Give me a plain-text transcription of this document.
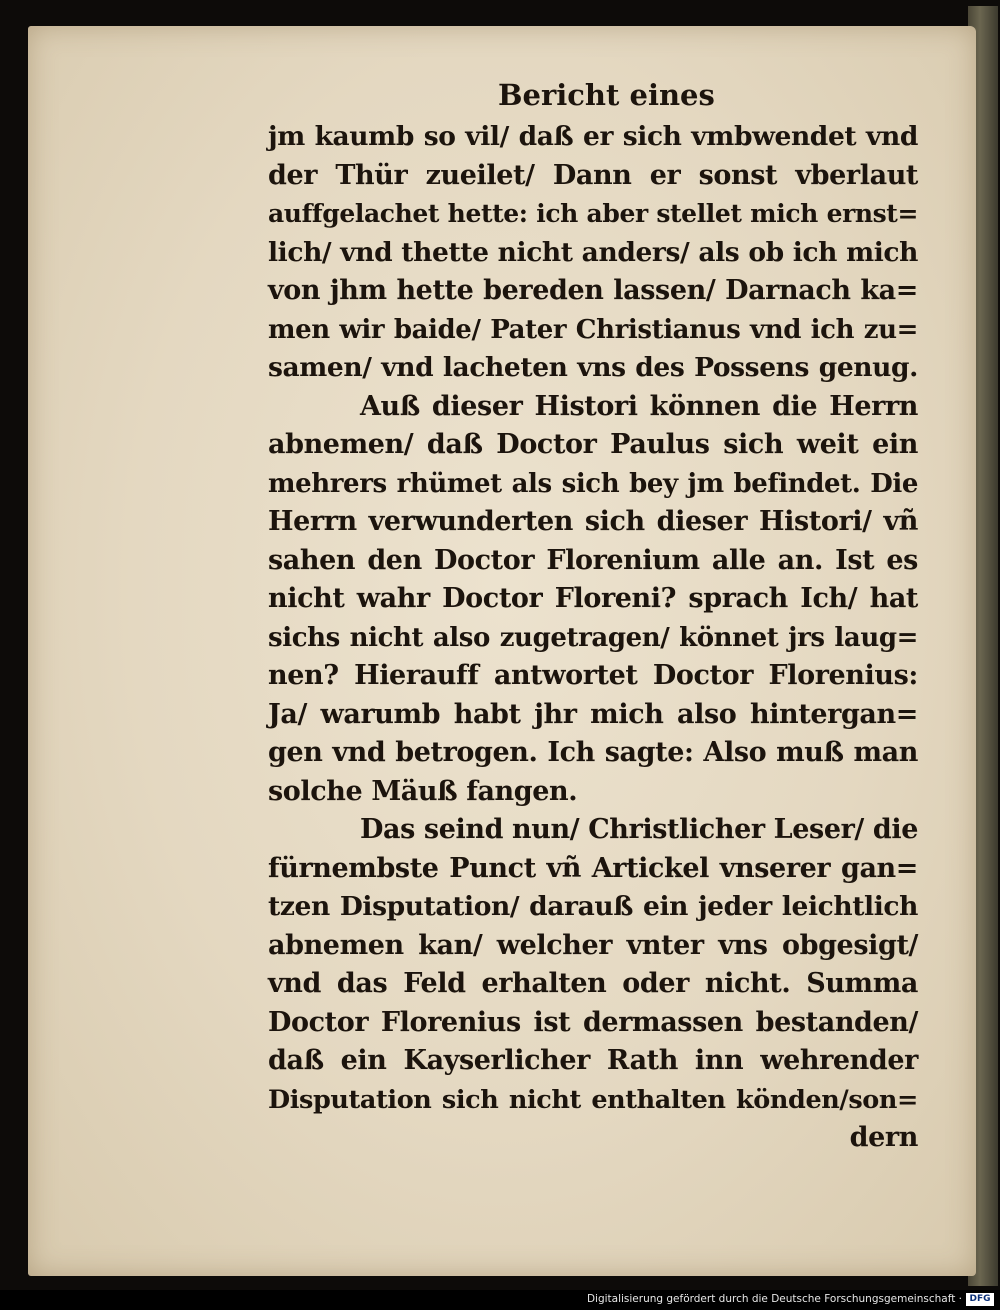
Bericht eines
jm kaumb so vil/ daß er sich vmbwendet vnd
der Thür zueilet/ Dann er sonst vberlaut
auffgelachet hette: ich aber stellet mich ernst=
lich/ vnd thette nicht anders/ als ob ich mich
von jhm hette bereden lassen/ Darnach ka=
men wir baide/ Pater Christianus vnd ich zu=
samen/ vnd lacheten vns des Possens genug.
Auß dieser Histori können die Herrn
abnemen/ daß Doctor Paulus sich weit ein
mehrers rhümet als sich bey jm befindet. Die
Herrn verwunderten sich dieser Histori/ vñ
sahen den Doctor Florenium alle an. Ist es
nicht wahr Doctor Floreni? sprach Ich/ hat
sichs nicht also zugetragen/ könnet jrs laug=
nen? Hierauff antwortet Doctor Florenius:
Ja/ warumb habt jhr mich also hintergan=
gen vnd betrogen. Ich sagte: Also muß man
solche Mäuß fangen.
Das seind nun/ Christlicher Leser/ die
fürnembste Punct vñ Artickel vnserer gan=
tzen Disputation/ darauß ein jeder leichtlich
abnemen kan/ welcher vnter vns obgesigt/
vnd das Feld erhalten oder nicht. Summa
Doctor Florenius ist dermassen bestanden/
daß ein Kayserlicher Rath inn wehrender
Disputation sich nicht enthalten könden/son=
dern
Digitalisierung gefördert durch die Deutsche Forschungsgemeinschaft · DFG
